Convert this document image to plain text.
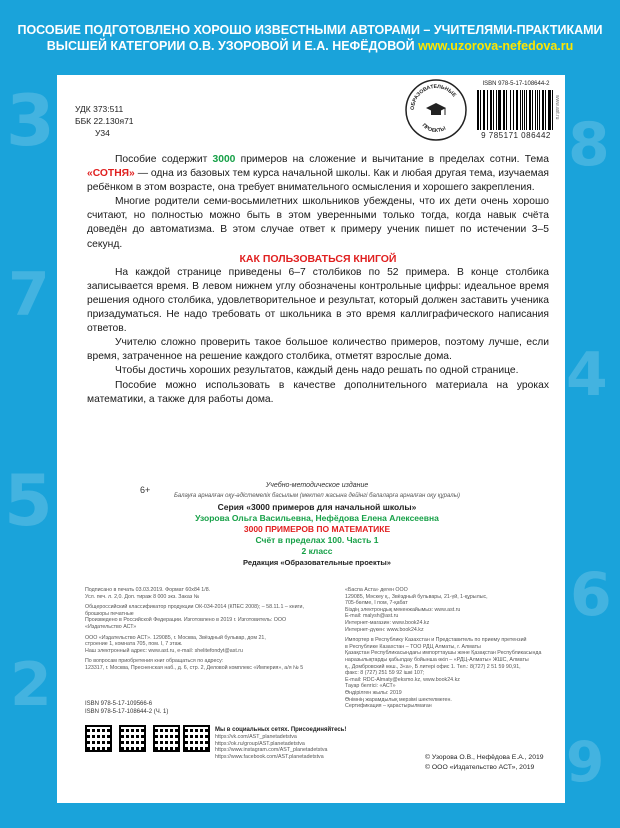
3
7
5
2
8
4
6
9
ПОСОБИЕ ПОДГОТОВЛЕНО ХОРОШО ИЗВЕСТНЫМИ АВТОРАМИ – УЧИТЕЛЯМИ-ПРАКТИКАМИ
ВЫСШЕЙ КАТЕГОРИИ О.В. УЗОРОВОЙ И Е.А. НЕФЁДОВОЙ www.uzorova-nefedova.ru
УДК 373:511
ББК 22.130я71
У34
ОБРАЗОВАТЕЛЬНЫЕ
ПРОЕКТЫ
ISBN 978-5-17-108644-2
9 785171 086442
www.ast.ru

Пособие содержит 3000 примеров на сложение и вычитание в пределах сотни. Тема «СОТНЯ» — одна из базовых тем курса начальной школы. Как и любая другая тема, изучаемая ребёнком в этом возрасте, она требует внимательного осмысления и хорошего закрепления.

Многие родители семи-восьмилетних школьников убеждены, что их дети очень хорошо считают, но полностью можно быть в этом уверенными только тогда, когда навык счёта доведён до автоматизма. В этом случае ответ к примеру ученик пишет по истечении 3–5 секунд.

КАК ПОЛЬЗОВАТЬСЯ КНИГОЙ

На каждой странице приведены 6–7 столбиков по 52 примера. В конце столбика записывается время. В левом нижнем углу обозначены контрольные цифры: идеальное время решения одного столбика, удовлетворительное и результат, который должен заставить ученика призадуматься. Не надо требовать от школьника в это время каллиграфического написания ответов.

Учителю сложно проверить такое большое количество примеров, поэтому лучше, если время, затраченное на решение каждого столбика, отметят взрослые дома.

Чтобы достичь хороших результатов, каждый день надо решать по одной странице.

Пособие можно использовать в качестве дополнительного материала на уроках математики, а также для работы дома.

6+	Учебно-методическое издание
Балауға арналған оқу-әдістемелік басылым (мектеп жасына дейінгі балаларға арналған оқу құралы)
Серия «3000 примеров для начальной школы»
Узорова Ольга Васильевна, Нефёдова Елена Алексеевна
3000 ПРИМЕРОВ ПО МАТЕМАТИКЕ
Счёт в пределах 100. Часть 1
2 класс
Редакция «Образовательные проекты»
Подписано в печать 03.03.2019. Формат 60x84 1/8.
Усл. печ. л. 2,0. Доп. тираж 8 000 экз. Заказ №
Общероссийский классификатор продукции ОК-034-2014 (КПЕС 2008); – 58.11.1 – книги, брошюры печатные
Произведено в Российской Федерации. Изготовлено в 2019 г. Изготовитель: ООО «Издательство АСТ»
ООО «Издательство АСТ». 129085, г. Москва, Звёздный бульвар, дом 21,
строение 1, комната 705, пом. I, 7 этаж.
Наш электронный адрес: www.ast.ru, e-mail: shelitefondyt@ast.ru
По вопросам приобретения книг обращаться по адресу:
123317, г. Москва, Пресненская наб., д. 6, стр. 2, Деловой комплекс «Империя», а/я № 5
«Баспа Аста» деген ООО
129085, Мәскеу қ., Звёздный бульвары, 21-үй, 1-құрылыс,
705-бөлме, I пом, 7-қабат
Біздің электрондық мекенжайымыз: www.ast.ru
E-mail: malysh@ast.ru
Интернет-магазин: www.book24.kz
Интернет-дүкен: www.book24.kz
Импортер в Республику Казахстан и Представитель по приему претензий
в Республике Казахстан – ТОО РДЦ Алматы, г. Алматы
Қазақстан Республикасындағы импорттаушы және Қазақстан Республикасында
наразылықтарды қабылдау бойынша өкіл – «РДЦ-Алматы» ЖШС, Алматы
қ., Домбровский көш., 3«а», Б литері офис 1. Тел.: 8(727) 2 51 59 90,91,
факс: 8 (727) 251 59 92 ішкі 107;
E-mail: RDC-Almaty@eksmo.kz, www.book24.kz
Тауар белгісі: «АСТ»
Өндірілген жылы: 2019
Өнімнің жарамдылық мерзімі шектелмеген.
Сертификация – қарастырылмаған
ISBN 978-5-17-109566-6
ISBN 978-5-17-108644-2 (Ч. 1)
Мы в социальных сетях. Присоединяйтесь!
https://vk.com/AST_planetadetstva
https://ok.ru/group/AST.planetadetstva
https://www.instagram.com/AST_planetadetstva
https://www.facebook.com/AST.planetadetstva	© Узорова О.В., Нефёдова Е.А., 2019
© ООО «Издательство АСТ», 2019
